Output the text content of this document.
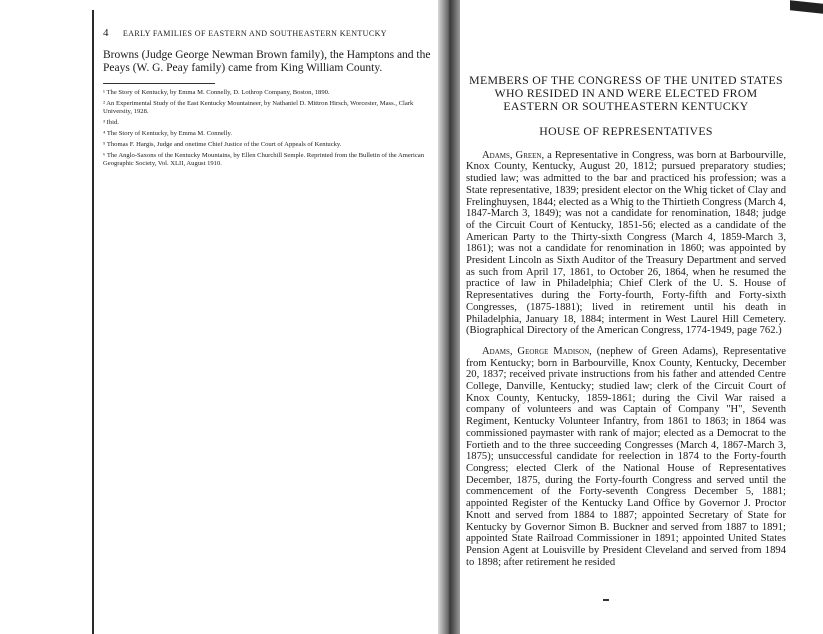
4 EARLY FAMILIES OF EASTERN AND SOUTHEASTERN KENTUCKY
Browns (Judge George Newman Brown family), the Hamptons and the Peays (W. G. Peay family) came from King William County.
¹ The Story of Kentucky, by Emma M. Connelly, D. Lothrop Company, Boston, 1890.
² An Experimental Study of the East Kentucky Mountaineer, by Nathaniel D. Mittron Hirsch, Worcester, Mass., Clark University, 1928.
³ Ibid.
⁴ The Story of Kentucky, by Emma M. Connelly.
⁵ Thomas F. Hargis, Judge and onetime Chief Justice of the Court of Appeals of Kentucky.
⁶ The Anglo-Saxons of the Kentucky Mountains, by Ellen Churchill Semple. Reprinted from the Bulletin of the American Geographic Society, Vol. XLII, August 1910.
MEMBERS OF THE CONGRESS OF THE UNITED STATES WHO RESIDED IN AND WERE ELECTED FROM EASTERN OR SOUTHEASTERN KENTUCKY
HOUSE OF REPRESENTATIVES

Adams, Green, a Representative in Congress, was born at Barbourville, Knox County, Kentucky, August 20, 1812; pursued preparatory studies; studied law; was admitted to the bar and practiced his profession; was a State representative, 1839; president elector on the Whig ticket of Clay and Frelinghuysen, 1844; elected as a Whig to the Thirtieth Congress (March 4, 1847-March 3, 1849); was not a candidate for renomination, 1848; judge of the Circuit Court of Kentucky, 1851-56; elected as a candidate of the American Party to the Thirty-sixth Congress (March 4, 1859-March 3, 1861); was not a candidate for renomination in 1860; was appointed by President Lincoln as Sixth Auditor of the Treasury Department and served as such from April 17, 1861, to October 26, 1864, when he resumed the practice of law in Philadelphia; Chief Clerk of the U. S. House of Representatives during the Forty-fourth, Forty-fifth and Forty-sixth Congresses, (1875-1881); lived in retirement until his death in Philadelphia, January 18, 1884; interment in West Laurel Hill Cemetery. (Biographical Directory of the American Congress, 1774-1949, page 762.)

Adams, George Madison, (nephew of Green Adams), Representative from Kentucky; born in Barbourville, Knox County, Kentucky, December 20, 1837; received private instructions from his father and attended Centre College, Danville, Kentucky; studied law; clerk of the Circuit Court of Knox County, Kentucky, 1859-1861; during the Civil War raised a company of volunteers and was Captain of Company "H", Seventh Regiment, Kentucky Volunteer Infantry, from 1861 to 1863; in 1864 was commissioned paymaster with rank of major; elected as a Democrat to the Fortieth and to the three succeeding Congresses (March 4, 1867-March 3, 1875); unsuccessful candidate for reelection in 1874 to the Forty-fourth Congress; elected Clerk of the National House of Representatives December, 1875, during the Forty-fourth Congress and served until the commencement of the Forty-seventh Congress December 5, 1881; appointed Register of the Kentucky Land Office by Governor J. Proctor Knott and served from 1884 to 1887; appointed Secretary of State for Kentucky by Governor Simon B. Buckner and served from 1887 to 1891; appointed State Railroad Commissioner in 1891; appointed United States Pension Agent at Louisville by President Cleveland and served from 1894 to 1898; after retirement he resided
